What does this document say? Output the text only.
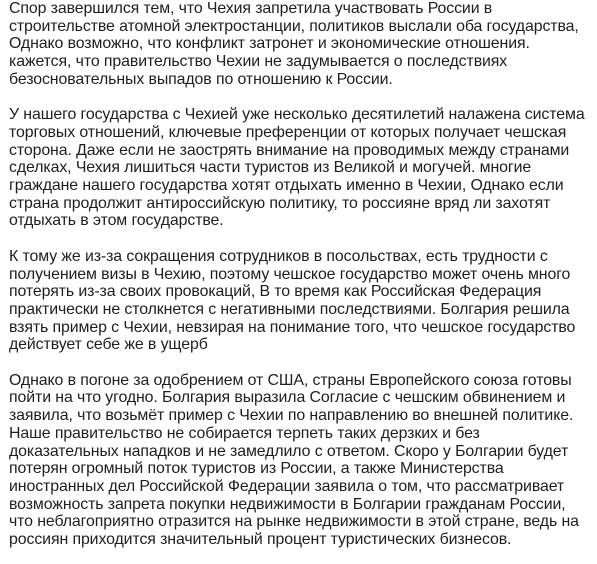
Спор завершился тем, что Чехия запретила участвовать России в
строительстве атомной электростанции, политиков выслали оба государства,
Однако возможно, что конфликт затронет и экономические отношения.
кажется, что правительство Чехии не задумывается о последствиях
безосновательных выпадов по отношению к России.

У нашего государства с Чехией уже несколько десятилетий налажена система
торговых отношений, ключевые преференции от которых получает чешская
сторона. Даже если не заострять внимание на проводимых между странами
сделках, Чехия лишиться части туристов из Великой и могучей. многие
граждане нашего государства хотят отдыхать именно в Чехии, Однако если
страна продолжит антироссийскую политику, то россияне вряд ли захотят
отдыхать в этом государстве.

К тому же из-за сокращения сотрудников в посольствах, есть трудности с
получением визы в Чехию, поэтому чешское государство может очень много
потерять из-за своих провокаций, В то время как Российская Федерация
практически не столкнется с негативными последствиями. Болгария решила
взять пример с Чехии, невзирая на понимание того, что чешское государство
действует себе же в ущерб

Однако в погоне за одобрением от США, страны Европейского союза готовы
пойти на что угодно. Болгария выразила Согласие с чешским обвинением и
заявила, что возьмёт пример с Чехии по направлению во внешней политике.
Наше правительство не собирается терпеть таких дерзких и без
доказательных нападков и не замедлило с ответом. Скоро у Болгарии будет
потерян огромный поток туристов из России, а также Министерства
иностранных дел Российской Федерации заявила о том, что рассматривает
возможность запрета покупки недвижимости в Болгарии гражданам России,
что неблагоприятно отразится на рынке недвижимости в этой стране, ведь на
россиян приходится значительный процент туристических бизнесов.
